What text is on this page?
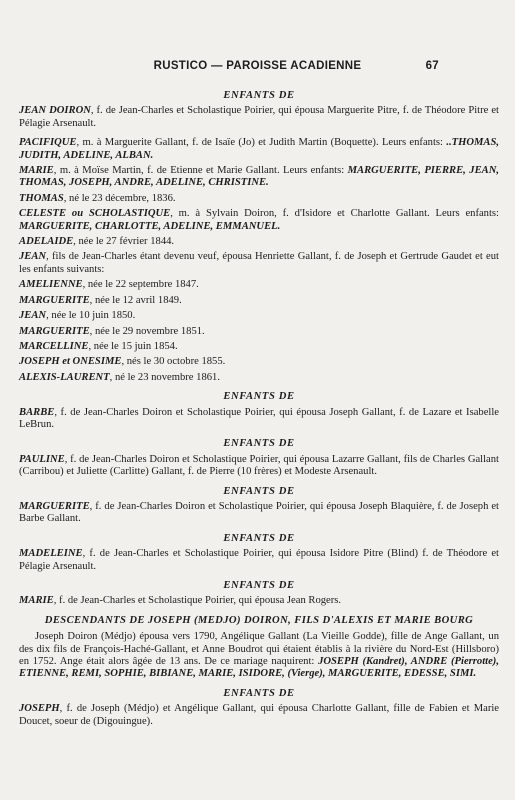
RUSTICO — PAROISSE ACADIENNE	67
ENFANTS DE
JEAN DOIRON, f. de Jean-Charles et Scholastique Poirier, qui épousa Marguerite Pitre, f. de Théodore Pitre et Pélagie Arsenault.
PACIFIQUE, m. à Marguerite Gallant, f. de Isaïe (Jo) et Judith Martin (Boquette). Leurs enfants: ..THOMAS, JUDITH, ADELINE, ALBAN.
MARIE, m. à Moïse Martin, f. de Etienne et Marie Gallant. Leurs enfants: MARGUERITE, PIERRE, JEAN, THOMAS, JOSEPH, ANDRE, ADELINE, CHRISTINE.
THOMAS, né le 23 décembre, 1836.
CELESTE ou SCHOLASTIQUE, m. à Sylvain Doiron, f. d'Isidore et Charlotte Gallant. Leurs enfants: MARGUERITE, CHARLOTTE, ADELINE, EMMANUEL.
ADELAIDE, née le 27 février 1844.
JEAN, fils de Jean-Charles étant devenu veuf, épousa Henriette Gallant, f. de Joseph et Gertrude Gaudet et eut les enfants suivants:
AMELIENNE, née le 22 septembre 1847.
MARGUERITE, née le 12 avril 1849.
JEAN, née le 10 juin 1850.
MARGUERITE, née le 29 novembre 1851.
MARCELLINE, née le 15 juin 1854.
JOSEPH et ONESIME, nés le 30 octobre 1855.
ALEXIS-LAURENT, né le 23 novembre 1861.
ENFANTS DE
BARBE, f. de Jean-Charles Doiron et Scholastique Poirier, qui épousa Joseph Gallant, f. de Lazare et Isabelle LeBrun.
ENFANTS DE
PAULINE, f. de Jean-Charles Doiron et Scholastique Poirier, qui épousa Lazarre Gallant, fils de Charles Gallant (Carribou) et Juliette (Carlitte) Gallant, f. de Pierre (10 frères) et Modeste Arsenault.
ENFANTS DE
MARGUERITE, f. de Jean-Charles Doiron et Scholastique Poirier, qui épousa Joseph Blaquière, f. de Joseph et Barbe Gallant.
ENFANTS DE
MADELEINE, f. de Jean-Charles et Scholastique Poirier, qui épousa Isidore Pitre (Blind) f. de Théodore et Pélagie Arsenault.
ENFANTS DE
MARIE, f. de Jean-Charles et Scholastique Poirier, qui épousa Jean Rogers.
DESCENDANTS DE JOSEPH (MEDJO) DOIRON, FILS D'ALEXIS ET MARIE BOURG
Joseph Doiron (Médjo) épousa vers 1790, Angélique Gallant (La Vieille Godde), fille de Ange Gallant, un des dix fils de François-Haché-Gallant, et Anne Boudrot qui étaient établis à la rivière du Nord-Est (Hillsboro) en 1752. Ange était alors âgée de 13 ans. De ce mariage naquirent: JOSEPH (Kandret), ANDRE (Pierrotte), ETIENNE, REMI, SOPHIE, BIBIANE, MARIE, ISIDORE, (Vierge), MARGUERITE, EDESSE, SIMI.
ENFANTS DE
JOSEPH, f. de Joseph (Médjo) et Angélique Gallant, qui épousa Charlotte Gallant, fille de Fabien et Marie Doucet, soeur de (Digouingue).
